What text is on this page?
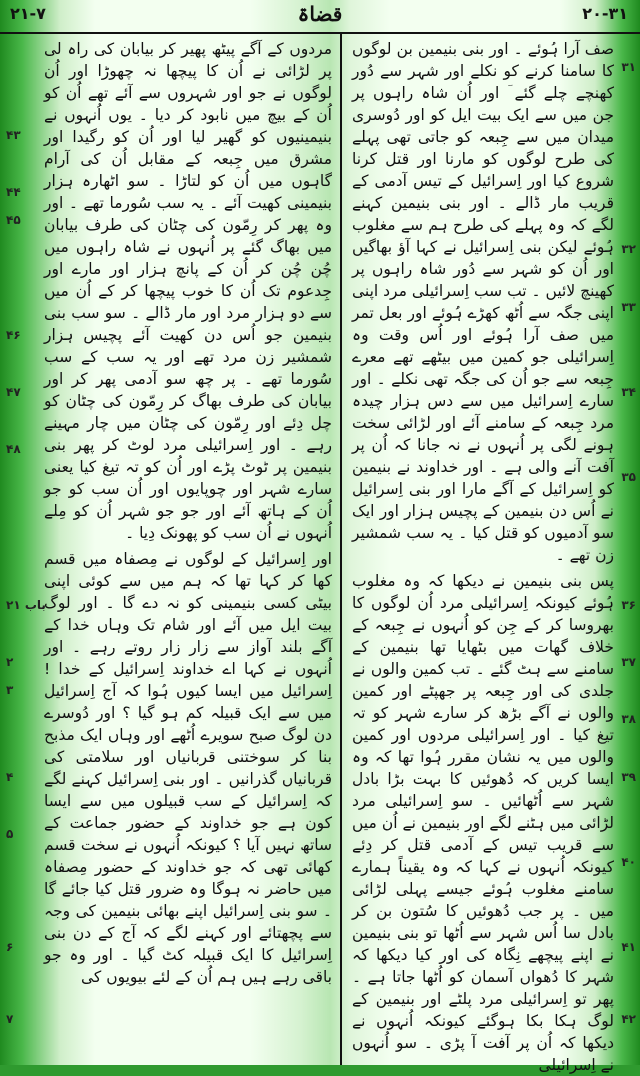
۲۱-۷	قضاۃ	۲۰-۳۱
۳۱
۳۲
۳۳
۳۴
۳۵
۳۶
۳۷
۳۸
۳۹
۴۰
۴۱
۴۲

صف آرا ہُوئے ۔ اور بنی بنیمین بن لوگوں کا سامنا کرنے کو نکلے اور شہر سے دُور کھنچے چلے گئے ؔ اور اُن شاہ راہوں پر جن میں سے ایک بیت ایل کو اور دُوسری میدان میں سے جِبعہ کو جاتی تھی پہلے کی طرح لوگوں کو مارنا اور قتل کرنا شروع کیا اور اِسرائیل کے تیس آدمی کے قریب مار ڈالے ۔ اور بنی بنیمین کہنے لگے کہ وہ پہلے کی طرح ہم سے مغلوب ہُوئے لیکن بنی اِسرائیل نے کہا آؤ بھاگیں اور اُن کو شہر سے دُور شاہ راہوں پر کھینچ لائیں ۔ تب سب اِسرائیلی مرد اپنی اپنی جگہ سے اُٹھ کھڑے ہُوئے اور بعل تمر میں صف آرا ہُوئے اور اُس وقت وہ اِسرائیلی جو کمین میں بیٹھے تھے معرے جِبعہ سے جو اُن کی جگہ تھی نکلے ۔ اور سارے اِسرائیل میں سے دس ہزار چیدہ مرد جِبعہ کے سامنے آئے اور لڑائی سخت ہونے لگی پر اُنہوں نے نہ جانا کہ اُن پر آفت آنے والی ہے ۔ اور خداوند نے بنیمین کو اِسرائیل کے آگے مارا اور بنی اِسرائیل نے اُس دن بنیمین کے پچیس ہزار اور ایک سو آدمیوں کو قتل کیا ۔ یہ سب شمشیر زن تھے ۔

پس بنی بنیمین نے دیکھا کہ وہ مغلوب ہُوئے کیونکہ اِسرائیلی مرد اُن لوگوں کا بھروسا کر کے جِن کو اُنہوں نے جِبعہ کے خلاف گھات میں بٹھایا تھا بنیمین کے سامنے سے ہٹ گئے ۔ تب کمین والوں نے جلدی کی اور جِبعہ پر جھپٹے اور کمین والوں نے آگے بڑھ کر سارے شہر کو تہ تیغ کیا ۔ اور اِسرائیلی مردوں اور کمین والوں میں یہ نشان مقرر ہُوا تھا کہ وہ ایسا کریں کہ دُھوئیں کا بہت بڑا بادل شہر سے اُٹھائیں ۔ سو اِسرائیلی مرد لڑائی میں ہٹنے لگے اور بنیمین نے اُن میں سے قریب تیس کے آدمی قتل کر دِئے کیونکہ اُنہوں نے کہا کہ وہ یقیناً ہمارے سامنے مغلوب ہُوئے جیسے پہلی لڑائی میں ۔ پر جب دُھوئیں کا سُتون بن کر بادل سا اُس شہر سے اُٹھا تو بنی بنیمین نے اپنے پیچھے نِگاہ کی اور کیا دیکھا کہ شہر کا دُھواں آسمان کو اُٹھا جاتا ہے ۔ پھر تو اِسرائیلی مرد پلٹے اور بنیمین کے لوگ ہکا بکا ہوگئے کیونکہ اُنہوں نے دیکھا کہ اُن پر آفت آ پڑی ۔ سو اُنہوں نے اِسرائیلی

۴۳
۴۴
۴۵
۴۶
۴۷
۴۸
باب ۲۱
۲
۳
۴
۵
۶
۷

مردوں کے آگے پیٹھ پھیر کر بیابان کی راہ لی پر لڑائی نے اُن کا پیچھا نہ چھوڑا اور اُن لوگوں نے جو اور شہروں سے آئے تھے اُن کو اُن کے بیچ میں نابود کر دیا ۔ یوں اُنہوں نے بنیمینیوں کو گھیر لیا اور اُن کو رگیدا اور مشرق میں جِبعہ کے مقابل اُن کی آرام گاہوں میں اُن کو لتاڑا ۔ سو اٹھارہ ہزار بنیمینی کھیت آئے ۔ یہ سب سُورما تھے ۔ اور وہ پھر کر رِمّون کی چٹان کی طرف بیابان میں بھاگ گئے پر اُنہوں نے شاہ راہوں میں چُن چُن کر اُن کے پانچ ہزار اور مارے اور جِدعوم تک اُن کا خوب پیچھا کر کے اُن میں سے دو ہزار مرد اور مار ڈالے ۔ سو سب بنی بنیمین جو اُس دن کھیت آئے پچیس ہزار شمشیر زن مرد تھے اور یہ سب کے سب سُورما تھے ۔ پر چھ سو آدمی پھر کر اور بیابان کی طرف بھاگ کر رِمّون کی چٹان کو چل دِئے اور رِمّون کی چٹان میں چار مہینے رہے ۔ اور اِسرائیلی مرد لوٹ کر پھر بنی بنیمین پر ٹوٹ پڑے اور اُن کو تہ تیغ کیا یعنی سارے شہر اور چوپایوں اور اُن سب کو جو اُن کے ہاتھ آئے اور جو جو شہر اُن کو مِلے اُنہوں نے اُن سب کو پھونک دِیا ۔

اور اِسرائیل کے لوگوں نے مِصفاہ میں قسم کھا کر کہا تھا کہ ہم میں سے کوئی اپنی بیٹی کسی بنیمینی کو نہ دے گا ۔ اور لوگ بیت ایل میں آئے اور شام تک وہاں خدا کے آگے بلند آواز سے زار زار روتے رہے ۔ اور اُنہوں نے کہا اے خداوند اِسرائیل کے خدا ! اِسرائیل میں ایسا کیوں ہُوا کہ آج اِسرائیل میں سے ایک قبیلہ کم ہو گیا ؟ اور دُوسرے دن لوگ صبح سویرے اُٹھے اور وہاں ایک مذبح بنا کر سوختنی قربانیاں اور سلامتی کی قربانیاں گذرانیں ۔ اور بنی اِسرائیل کہنے لگے کہ اِسرائیل کے سب قبیلوں میں سے ایسا کون ہے جو خداوند کے حضور جماعت کے ساتھ نہیں آیا ؟ کیونکہ اُنہوں نے سخت قسم کھائی تھی کہ جو خداوند کے حضور مِصفاہ میں حاضر نہ ہوگا وہ ضرور قتل کیا جائے گا ۔ سو بنی اِسرائیل اپنے بھائی بنیمین کی وجہ سے پچھتائے اور کہنے لگے کہ آج کے دن بنی اِسرائیل کا ایک قبیلہ کٹ گیا ۔ اور وہ جو باقی رہے ہیں ہم اُن کے لئے بیویوں کی
